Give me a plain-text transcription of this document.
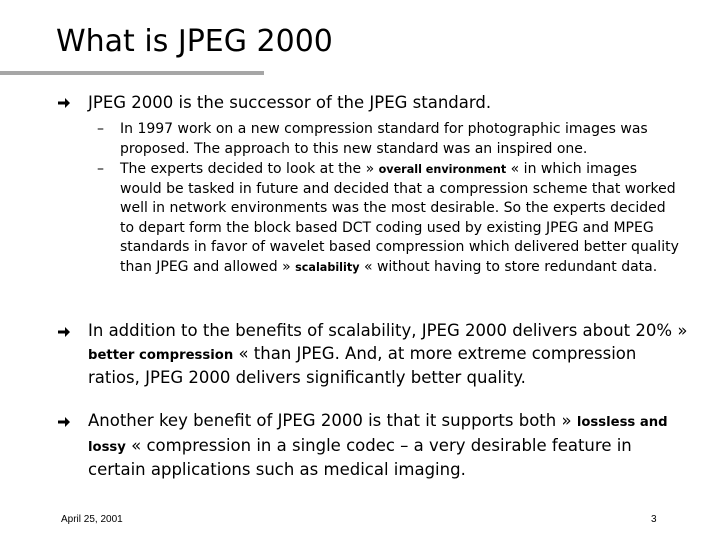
What is JPEG 2000
JPEG 2000 is the successor of the JPEG standard.
– In 1997 work on a new compression standard for photographic images was proposed. The approach to this new standard was an inspired one.
– The experts decided to look at the » overall environment « in which images would be tasked in future and decided that a compression scheme that worked well in network environments was the most desirable. So the experts decided to depart form the block based DCT coding used by existing JPEG and MPEG standards in favor of wavelet based compression which delivered better quality than JPEG and allowed » scalability « without having to store redundant data.
In addition to the benefits of scalability, JPEG 2000 delivers about 20% » better compression « than JPEG. And, at more extreme compression ratios, JPEG 2000 delivers significantly better quality.
Another key benefit of JPEG 2000 is that it supports both » lossless and lossy « compression in a single codec – a very desirable feature in certain applications such as medical imaging.
April 25, 2001	3
